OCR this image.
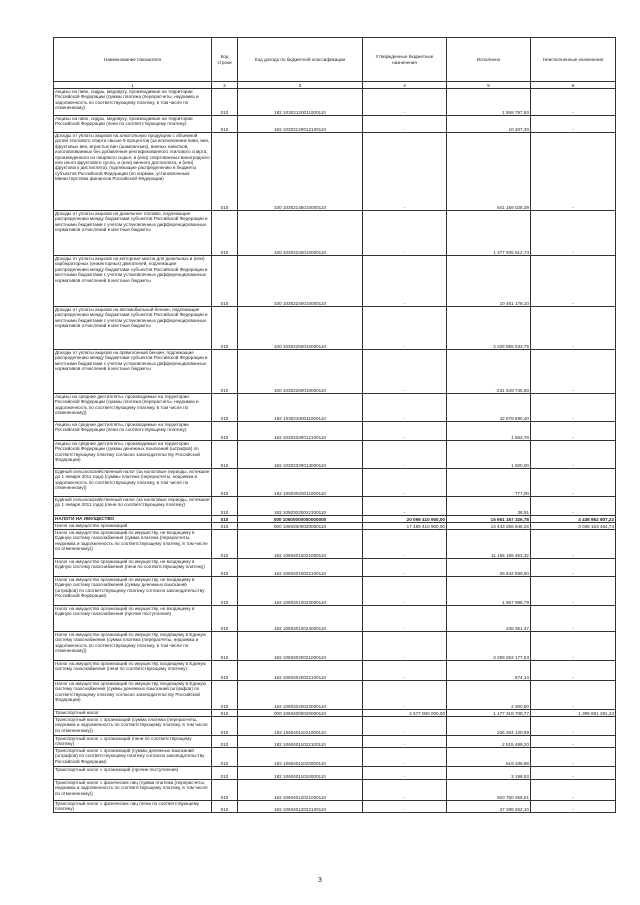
Наименование показателя	Код строки	Код дохода по бюджетной классификации	Утвержденные бюджетные назначения	Исполнено	Неисполненные назначения
1	2	3	4	5	6
Акцизы на пиво, сидры, медовуху, производимые на территории Российской Федерации (суммы платежа (перерасчеты, недоимка и задолженность по соответствующему платежу, в том числе по отмененному)	010	182 10302120011000110	-	1 558 797,80	-
Акцизы на пиво, сидры, медовуху, производимые на территории Российской Федерации (пени по соответствующему платежу)	010	182 10302120012100110	-	10 407,30	-
Доходы от уплаты акцизов на алкогольную продукцию с объемной долей этилового спирта свыше 9 процентов (за исключением пива, вин, фруктовых вин, игристых вин (шампанских), винных напитков, изготавливаемых без добавления ректификованного этилового спирта, произведенного из пищевого сырья, и (или) спиртованных виноградного или иного фруктового сусла, и (или) винного дистиллята, и (или) фруктового дистиллята), подлежащие распределению в бюджеты субъектов Российской Федерации (по нормам, установленным Министерством финансов Российской Федерации)	010	100 10302145010000110	-	641 159 028,39	-
Доходы от уплаты акцизов на дизельное топливо, подлежащие распределению между бюджетами субъектов Российской Федерации и местными бюджетами с учетом установленных дифференцированных нормативов отчислений в местные бюджеты	010	100 10302230010000110	-	1 477 935 612,74	-
Доходы от уплаты акцизов на моторные масла для дизельных и (или) карбюраторных (инжекторных) двигателей, подлежащие распределению между бюджетами субъектов Российской Федерации и местными бюджетами с учетом установленных дифференцированных нормативов отчислений в местные бюджеты	010	100 10302240010000110	-	10 481 178,10	-
Доходы от уплаты акцизов на автомобильный бензин, подлежащие распределению между бюджетами субъектов Российской Федерации и местными бюджетами с учетом установленных дифференцированных нормативов отчислений в местные бюджеты	010	100 10302250010000110	-	2 229 955 533,75	-
Доходы от уплаты акцизов на прямогонный бензин, подлежащие распределению между бюджетами субъектов Российской Федерации и местными бюджетами с учетом установленных дифференцированных нормативов отчислений в местные бюджеты	010	100 10302260010000110	-	-231 549 745,80	-
Акцизы на средние дистилляты, производимые на территории Российской Федерации (суммы платежа (перерасчеты, недоимка и задолженность по соответствующему платежу, в том числе по отмененному))	010	182 10302330011000110	-	42 578 590,40	-
Акцизы на средние дистилляты, производимые на территории Российской Федерации (пени по соответствующему платежу)	010	182 10302330012100110	-	1 552,78	-
Акцизы на средние дистилляты, производимые на территории Российской Федерации (суммы денежных взысканий (штрафов) по соответствующему платежу согласно законодательству Российской Федерации)	010	182 10302330013000110	-	1 500,00	-
Единый сельскохозяйственный налог (за налоговые периоды, истекшие до 1 января 2011 года) (суммы платежа (перерасчеты, недоимка и задолженность по соответствующему платежу, в том числе по отмененному))	010	182 10503020011000110	-	777,00	-
Единый сельскохозяйственный налог (за налоговые периоды, истекшие до 1 января 2011 года) (пени по соответствующему платежу)	010	182 10503020012100110	-	38,91	-
НАЛОГИ НА ИМУЩЕСТВО	010	000 10600000000000000	20 099 410 900,00	15 661 167 326,78	4 438 962 907,22
Налог на имущество организаций	010	000 10602000020000110	17 489 410 900,00	14 443 258 648,26	3 046 153 454,74
Налог на имущество организаций по имуществу, не входящему в Единую систему газоснабжения (сумма платежа (перерасчеты, недоимка и задолженность по соответствующему платежу, в том числе по отмененному))	010	182 10602010021000110	-	11 155 189 453,32	-
Налог на имущество организаций по имуществу, не входящему в Единую систему газоснабжения (пени по соответствующему платежу)	010	182 10602010022100110	-	26 842 589,60	-
Налог на имущество организаций по имуществу, не входящему в Единую систему газоснабжения (суммы денежных взысканий (штрафов) по соответствующему платежу согласно законодательству Российской Федерации)	010	182 10602010023000110	-	1 567 998,79	-
Налог на имущество организаций по имуществу, не входящему в Единую систему газоснабжения (прочие поступления)	010	182 10602010024000110	-	238 361,47	-
Налог на имущество организаций по имуществу, входящему в Единую систему газоснабжения (сумма платежа (перерасчеты, недоимка и задолженность по соответствующему платежу, в том числе по отмененному))	010	182 10602020021000110	-	3 259 252 177,53	-
Налог на имущество организаций по имуществу, входящему в Единую систему газоснабжения (пени по соответствующему платежу)	010	182 10602020022100110	-	674,14	-
Налог на имущество организаций по имуществу, входящему в Единую систему газоснабжения (суммы денежных взысканий (штрафов) по соответствующему платежу согласно законодательству Российской Федерации)	010	182 10602020023000110	-	2 300,50	-
Транспортный налог	010	000 10604000020000110	2 577 000 000,00	1 177 318 708,77	1 399 681 291,23
Транспортный налог с организаций (сумма платежа (перерасчеты, недоимка и задолженность по соответствующему платежу, в том числе по отмененному))	010	182 10604011021000110	-	236 254 120,69	-
Транспортный налог с организаций (пени по соответствующему платежу)	010	182 10604011022100110	-	2 515 489,20	-
Транспортный налог с организаций (суммы денежных взысканий (штрафов) по соответствующему платежу согласно законодательству Российской Федерации)	010	182 10604011023000110	-	519 336,88	-
Транспортный налог с организаций (прочие поступления)	010	182 10604011024000110	-	3 198,53	-
Транспортный налог с физических лиц (сумма платежа (перерасчеты, недоимка и задолженность по соответствующему платежу, в том числе по отмененному))	010	182 10604012021000110	-	910 750 355,51	-
Транспортный налог с физических лиц (пени по соответствующему платежу)	010	182 10604012022100110	-	27 288 362,10	-
3
